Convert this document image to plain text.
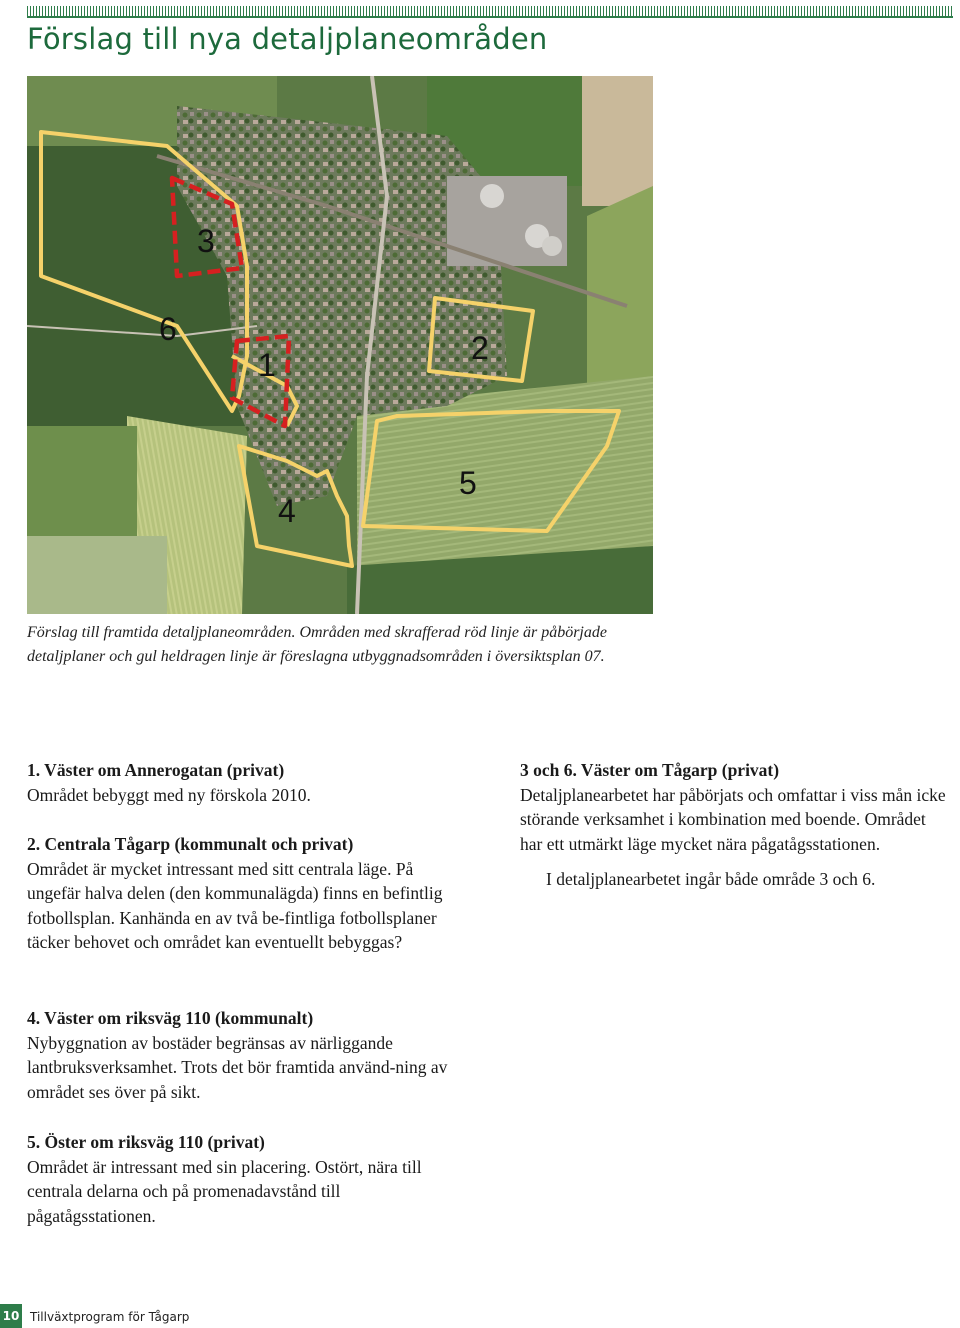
Förslag till nya detaljplaneområden
3
6
1	2
5
4
Förslag till framtida detaljplaneområden. Områden med skrafferad röd linje är påbörjade detaljplaner och gul heldragen linje är föreslagna utbyggnadsområden i översiktsplan 07.
1. Väster om Annerogatan (privat)
Området bebyggt med ny förskola 2010.
2. Centrala Tågarp (kommunalt och privat)
Området är mycket intressant med sitt centrala läge. På ungefär halva delen (den kommunalägda) finns en befintlig fotbollsplan. Kanhända en av två be-fintliga fotbollsplaner täcker behovet och området kan eventuellt bebyggas?
3 och 6. Väster om Tågarp (privat)
Detaljplanearbetet har påbörjats och omfattar i viss mån icke störande verksamhet i kombination med boende. Området har ett utmärkt läge mycket nära pågatågsstationen.
I detaljplanearbetet ingår både område 3 och 6.
4. Väster om riksväg 110 (kommunalt)
Nybyggnation av bostäder begränsas av närliggande lantbruksverksamhet. Trots det bör framtida använd-ning av området ses över på sikt.
5. Öster om riksväg 110 (privat)
Området är intressant med sin placering. Ostört, nära till centrala delarna och på promenadavstånd till pågatågsstationen.
10 Tillväxtprogram för Tågarp
